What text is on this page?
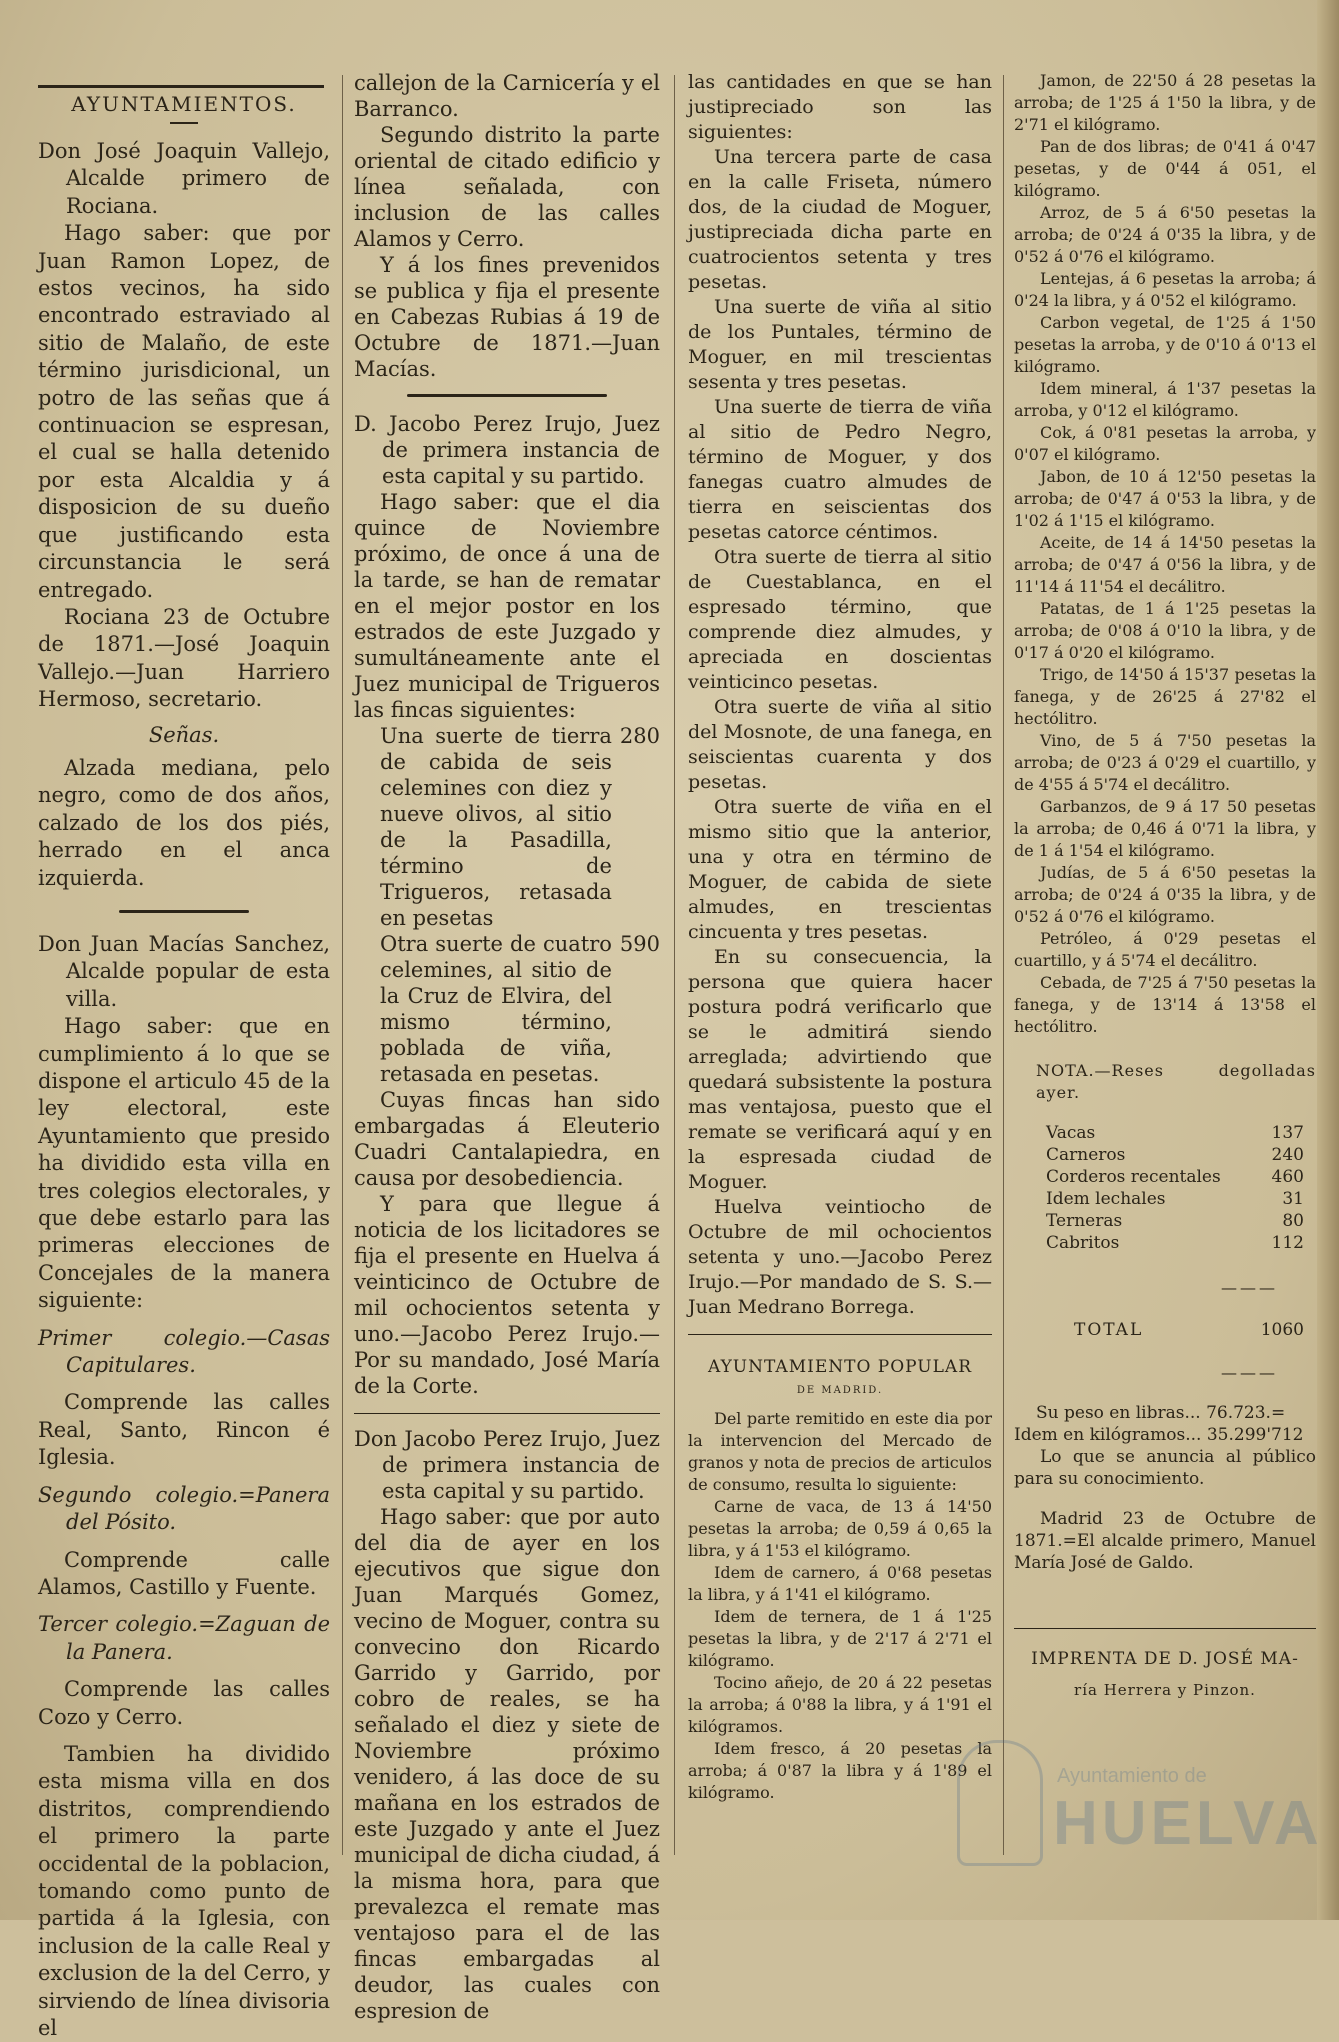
AYUNTAMIENTOS.

Don José Joaquin Vallejo, Alcalde primero de Rociana.

Hago saber: que por Juan Ramon Lopez, de estos vecinos, ha sido encontrado estraviado al sitio de Malaño, de este término jurisdicional, un potro de las señas que á continuacion se espresan, el cual se halla detenido por esta Alcaldia y á disposicion de su dueño que justificando esta circunstancia le será entregado.

Rociana 23 de Octubre de 1871.—José Joaquin Vallejo.—Juan Harriero Hermoso, secretario.

Señas.

Alzada mediana, pelo negro, como de dos años, calzado de los dos piés, herrado en el anca izquierda.

Don Juan Macías Sanchez, Alcalde popular de esta villa.

Hago saber: que en cumplimiento á lo que se dispone el articulo 45 de la ley electoral, este Ayuntamiento que presido ha dividido esta villa en tres colegios electorales, y que debe estarlo para las primeras elecciones de Concejales de la manera siguiente:

Primer colegio.—Casas Capitulares.

Comprende las calles Real, Santo, Rincon é Iglesia.

Segundo colegio.=Panera del Pósito.

Comprende calle Alamos, Castillo y Fuente.

Tercer colegio.=Zaguan de la Panera.

Comprende las calles Cozo y Cerro.

Tambien ha dividido esta misma villa en dos distritos, comprendiendo el primero la parte occidental de la poblacion, tomando como punto de partida á la Iglesia, con inclusion de la calle Real y exclusion de la del Cerro, y sirviendo de línea divisoria el

callejon de la Carnicería y el Barranco.

Segundo distrito la parte oriental de citado edificio y línea señalada, con inclusion de las calles Alamos y Cerro.

Y á los fines prevenidos se publica y fija el presente en Cabezas Rubias á 19 de Octubre de 1871.—Juan Macías.

D. Jacobo Perez Irujo, Juez de primera instancia de esta capital y su partido.

Hago saber: que el dia quince de Noviembre próximo, de once á una de la tarde, se han de rematar en el mejor postor en los estrados de este Juzgado y sumultáneamente ante el Juez municipal de Trigueros las fincas siguientes:

Una suerte de tierra de cabida de seis celemines con diez y nueve olivos, al sitio de la Pasadilla, término de Trigueros, retasada en pesetas
280
Otra suerte de cuatro celemines, al sitio de la Cruz de Elvira, del mismo término, poblada de viña, retasada en pesetas.
590

Cuyas fincas han sido embargadas á Eleuterio Cuadri Cantalapiedra, en causa por desobediencia.

Y para que llegue á noticia de los licitadores se fija el presente en Huelva á veinticinco de Octubre de mil ochocientos setenta y uno.—Jacobo Perez Irujo.—Por su mandado, José María de la Corte.

Don Jacobo Perez Irujo, Juez de primera instancia de esta capital y su partido.

Hago saber: que por auto del dia de ayer en los ejecutivos que sigue don Juan Marqués Gomez, vecino de Moguer, contra su convecino don Ricardo Garrido y Garrido, por cobro de reales, se ha señalado el diez y siete de Noviembre próximo venidero, á las doce de su mañana en los estrados de este Juzgado y ante el Juez municipal de dicha ciudad, á la misma hora, para que prevalezca el remate mas ventajoso para el de las fincas embargadas al deudor, las cuales con espresion de

las cantidades en que se han justipreciado son las siguientes:

Una tercera parte de casa en la calle Friseta, número dos, de la ciudad de Moguer, justipreciada dicha parte en cuatrocientos setenta y tres pesetas.

Una suerte de viña al sitio de los Puntales, término de Moguer, en mil trescientas sesenta y tres pesetas.

Una suerte de tierra de viña al sitio de Pedro Negro, término de Moguer, y dos fanegas cuatro almudes de tierra en seiscientas dos pesetas catorce céntimos.

Otra suerte de tierra al sitio de Cuestablanca, en el espresado término, que comprende diez almudes, y apreciada en doscientas veinticinco pesetas.

Otra suerte de viña al sitio del Mosnote, de una fanega, en seiscientas cuarenta y dos pesetas.

Otra suerte de viña en el mismo sitio que la anterior, una y otra en término de Moguer, de cabida de siete almudes, en trescientas cincuenta y tres pesetas.

En su consecuencia, la persona que quiera hacer postura podrá verificarlo que se le admitirá siendo arreglada; advirtiendo que quedará subsistente la postura mas ventajosa, puesto que el remate se verificará aquí y en la espresada ciudad de Moguer.

Huelva veintiocho de Octubre de mil ochocientos setenta y uno.—Jacobo Perez Irujo.—Por mandado de S. S.—Juan Medrano Borrega.

AYUNTAMIENTO POPULAR
DE MADRID.

Del parte remitido en este dia por la intervencion del Mercado de granos y nota de precios de articulos de consumo, resulta lo siguiente:

Carne de vaca, de 13 á 14'50 pesetas la arroba; de 0,59 á 0,65 la libra, y á 1'53 el kilógramo.

Idem de carnero, á 0'68 pesetas la libra, y á 1'41 el kilógramo.

Idem de ternera, de 1 á 1'25 pesetas la libra, y de 2'17 á 2'71 el kilógramo.

Tocino añejo, de 20 á 22 pesetas la arroba; á 0'88 la libra, y á 1'91 el kilógramos.

Idem fresco, á 20 pesetas la arroba; á 0'87 la libra y á 1'89 el kilógramo.

Jamon, de 22'50 á 28 pesetas la arroba; de 1'25 á 1'50 la libra, y de 2'71 el kilógramo.

Pan de dos libras; de 0'41 á 0'47 pesetas, y de 0'44 á 051, el kilógramo.

Arroz, de 5 á 6'50 pesetas la arroba; de 0'24 á 0'35 la libra, y de 0'52 á 0'76 el kilógramo.

Lentejas, á 6 pesetas la arroba; á 0'24 la libra, y á 0'52 el kilógramo.

Carbon vegetal, de 1'25 á 1'50 pesetas la arroba, y de 0'10 á 0'13 el kilógramo.

Idem mineral, á 1'37 pesetas la arroba, y 0'12 el kilógramo.

Cok, á 0'81 pesetas la arroba, y 0'07 el kilógramo.

Jabon, de 10 á 12'50 pesetas la arroba; de 0'47 á 0'53 la libra, y de 1'02 á 1'15 el kilógramo.

Aceite, de 14 á 14'50 pesetas la arroba; de 0'47 á 0'56 la libra, y de 11'14 á 11'54 el decálitro.

Patatas, de 1 á 1'25 pesetas la arroba; de 0'08 á 0'10 la libra, y de 0'17 á 0'20 el kilógramo.

Trigo, de 14'50 á 15'37 pesetas la fanega, y de 26'25 á 27'82 el hectólitro.

Vino, de 5 á 7'50 pesetas la arroba; de 0'23 á 0'29 el cuartillo, y de 4'55 á 5'74 el decálitro.

Garbanzos, de 9 á 17 50 pesetas la arroba; de 0,46 á 0'71 la libra, y de 1 á 1'54 el kilógramo.

Judías, de 5 á 6'50 pesetas la arroba; de 0'24 á 0'35 la libra, y de 0'52 á 0'76 el kilógramo.

Petróleo, á 0'29 pesetas el cuartillo, y á 5'74 el decálitro.

Cebada, de 7'25 á 7'50 pesetas la fanega, y de 13'14 á 13'58 el hectólitro.

NOTA.—Reses degolladas ayer.

Vacas	137
Carneros	240
Corderos recentales	460
Idem lechales	31
Terneras	80
Cabritos	112
———
TOTAL	1060
———

Su peso en libras... 76.723.=

Idem en kilógramos... 35.299'712

Lo que se anuncia al público para su conocimiento.

Madrid 23 de Octubre de 1871.=El alcalde primero, Manuel María José de Galdo.

IMPRENTA DE D. JOSÉ MA-
ría Herrera y Pinzon.
Ayuntamiento de
HUELVA
